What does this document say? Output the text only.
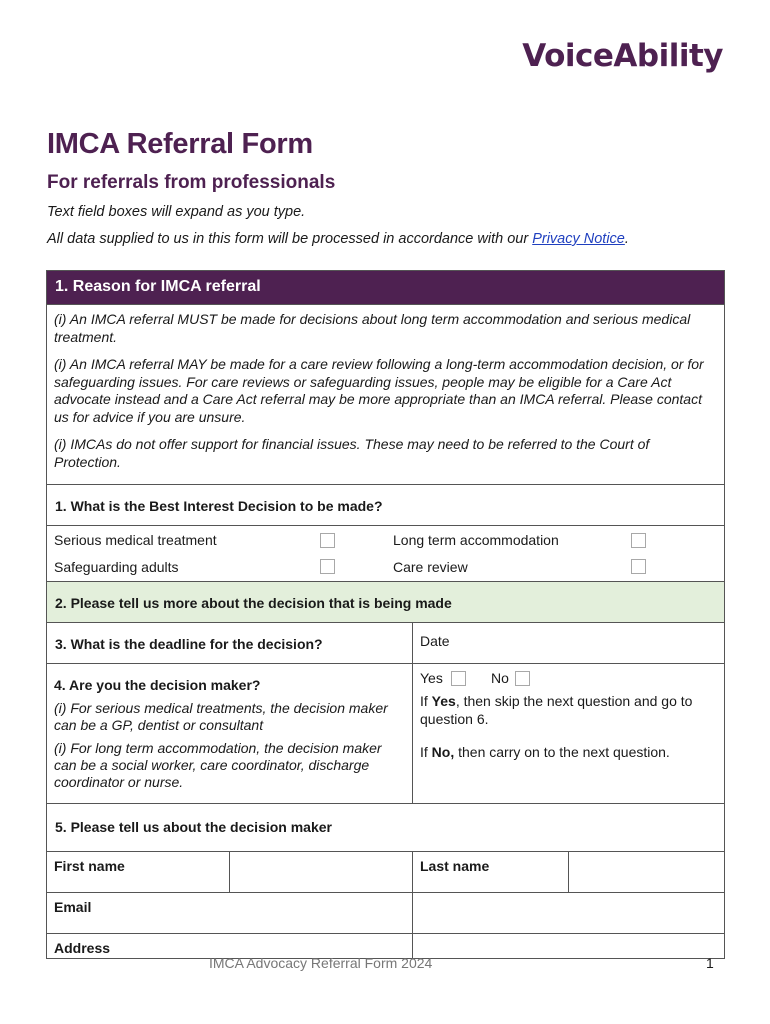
VoiceAbility
IMCA Referral Form
For referrals from professionals

Text field boxes will expand as you type.

All data supplied to us in this form will be processed in accordance with our Privacy Notice.

1. Reason for IMCA referral

(i) An IMCA referral MUST be made for decisions about long term accommodation and serious medical treatment.

(i) An IMCA referral MAY be made for a care review following a long-term accommodation decision, or for safeguarding issues. For care reviews or safeguarding issues, people may be eligible for a Care Act advocate instead and a Care Act referral may be more appropriate than an IMCA referral. Please contact us for advice if you are unsure.

(i) IMCAs do not offer support for financial issues. These may need to be referred to the Court of Protection.

1. What is the Best Interest Decision to be made?
Serious medical treatment	Long term accommodation
Safeguarding adults	Care review
2. Please tell us more about the decision that is being made
3. What is the deadline for the decision?	Date
4. Are you the decision maker?

(i) For serious medical treatments, the decision maker can be a GP, dentist or consultant

(i) For long term accommodation, the decision maker can be a social worker, care coordinator, discharge coordinator or nurse.

Yes	No

If Yes, then skip the next question and go to question 6.

If No, then carry on to the next question.

5. Please tell us about the decision maker
First name	Last name
Email
Address
IMCA Advocacy Referral Form 2024	1
